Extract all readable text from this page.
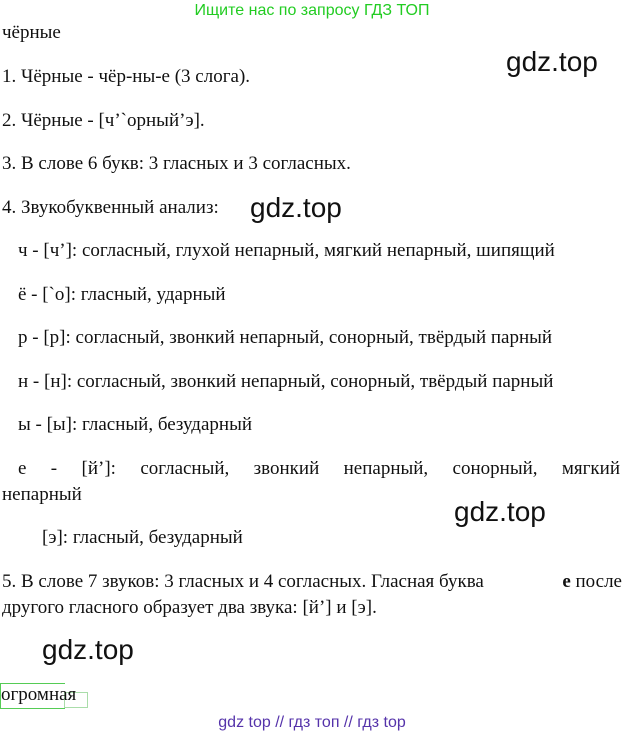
Ищите нас по запросу ГДЗ ТОП
чёрные
gdz.top
1. Чёрные - чёр-ны-е (3 слога).
2. Чёрные - [ч’`орный’э].
3. В слове 6 букв: 3 гласных и 3 согласных.
4. Звукобуквенный анализ: gdz.top
ч - [ч’]: согласный, глухой непарный, мягкий непарный, шипящий
ё - [`о]: гласный, ударный
р - [р]: согласный, звонкий непарный, сонорный, твёрдый парный
н - [н]: согласный, звонкий непарный, сонорный, твёрдый парный
ы - [ы]: гласный, безударный
е - [й’]: согласный, звонкий непарный, сонорный, мягкий
непарный
gdz.top
[э]: гласный, безударный
5. В слове 7 звуков: 3 гласных и 4 согласных. Гласная буква	е после
другого гласного образует два звука: [й’] и [э].
gdz.top
огромная
gdz top // гдз топ // гдз top
